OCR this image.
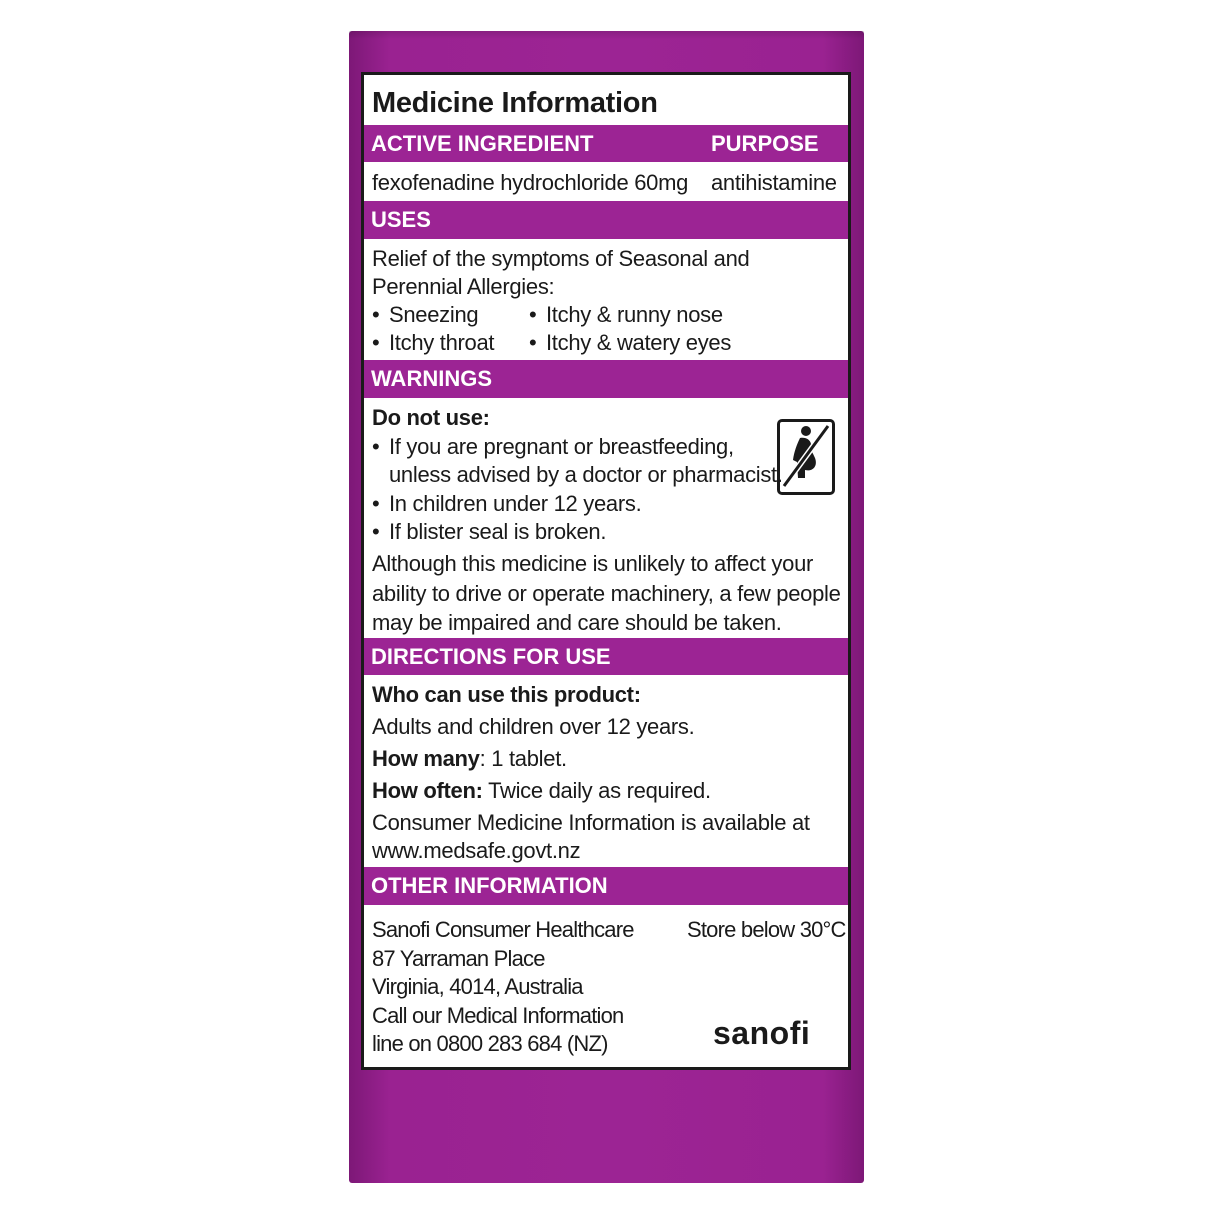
Medicine Information
ACTIVE INGREDIENT	PURPOSE
fexofenadine hydrochloride 60mg antihistamine
USES
Relief of the symptoms of Seasonal and
Perennial Allergies:
• Sneezing • Itchy & runny nose
• Itchy throat • Itchy & watery eyes
WARNINGS
Do not use:
• If you are pregnant or breastfeeding,
unless advised by a doctor or pharmacist.
• In children under 12 years.
• If blister seal is broken.
Although this medicine is unlikely to affect your
ability to drive or operate machinery, a few people
may be impaired and care should be taken.
DIRECTIONS FOR USE
Who can use this product:
Adults and children over 12 years.
How many: 1 tablet.
How often: Twice daily as required.
Consumer Medicine Information is available at
www.medsafe.govt.nz
OTHER INFORMATION
Sanofi Consumer Healthcare
87 Yarraman Place
Virginia, 4014, Australia
Call our Medical Information
line on 0800 283 684 (NZ)
Store below 30°C
sanofi
